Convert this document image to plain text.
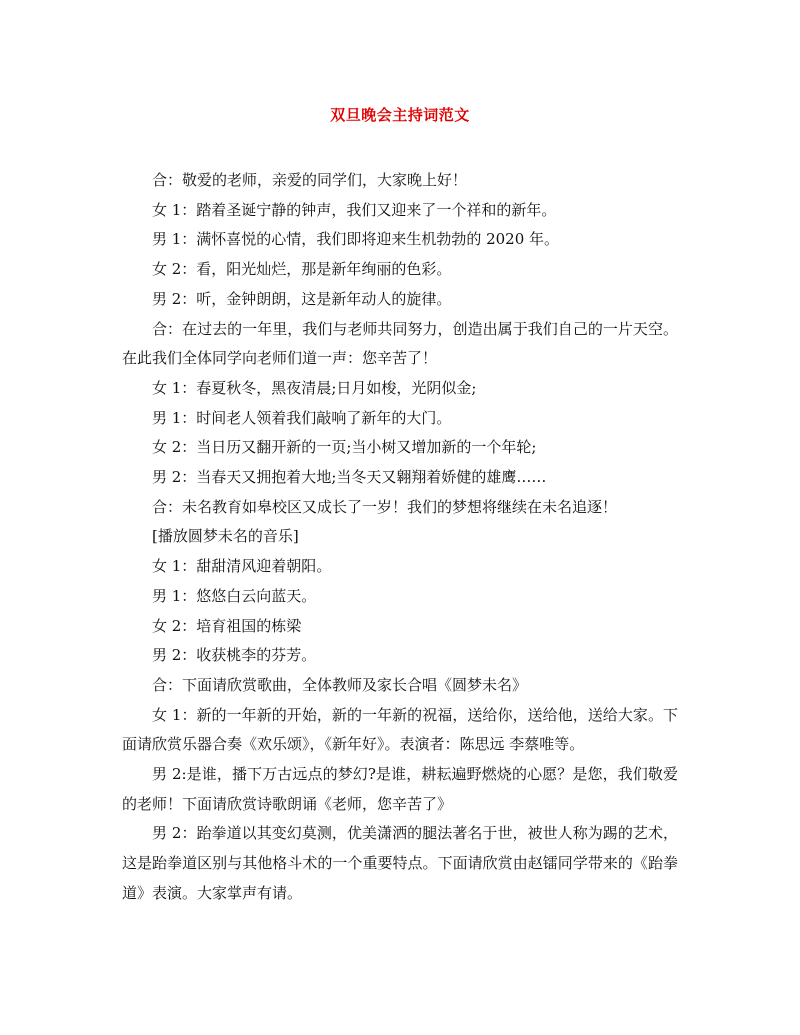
双旦晚会主持词范文

合：敬爱的老师，亲爱的同学们，大家晚上好！

女 1：踏着圣诞宁静的钟声，我们又迎来了一个祥和的新年。

男 1：满怀喜悦的心情，我们即将迎来生机勃勃的 2020 年。

女 2：看，阳光灿烂，那是新年绚丽的色彩。

男 2：听，金钟朗朗，这是新年动人的旋律。

合：在过去的一年里，我们与老师共同努力，创造出属于我们自己的一片天空。在此我们全体同学向老师们道一声：您辛苦了！

女 1：春夏秋冬，黑夜清晨;日月如梭，光阴似金;

男 1：时间老人领着我们敲响了新年的大门。

女 2：当日历又翻开新的一页;当小树又增加新的一个年轮;

男 2：当春天又拥抱着大地;当冬天又翱翔着娇健的雄鹰……

合：未名教育如皋校区又成长了一岁！我们的梦想将继续在未名追逐！

[播放圆梦未名的音乐]

女 1：甜甜清风迎着朝阳。

男 1：悠悠白云向蓝天。

女 2：培育祖国的栋梁

男 2：收获桃李的芬芳。

合：下面请欣赏歌曲，全体教师及家长合唱《圆梦未名》

女 1：新的一年新的开始，新的一年新的祝福，送给你，送给他，送给大家。下面请欣赏乐器合奏《欢乐颂》，《新年好》。表演者：陈思远 李蔡唯等。

男 2:是谁，播下万古远点的梦幻?是谁，耕耘遍野燃烧的心愿？是您，我们敬爱的老师！下面请欣赏诗歌朗诵《老师，您辛苦了》

男 2：跆拳道以其变幻莫测，优美潇洒的腿法著名于世，被世人称为踢的艺术，这是跆拳道区别与其他格斗术的一个重要特点。下面请欣赏由赵镭同学带来的《跆拳道》表演。大家掌声有请。
